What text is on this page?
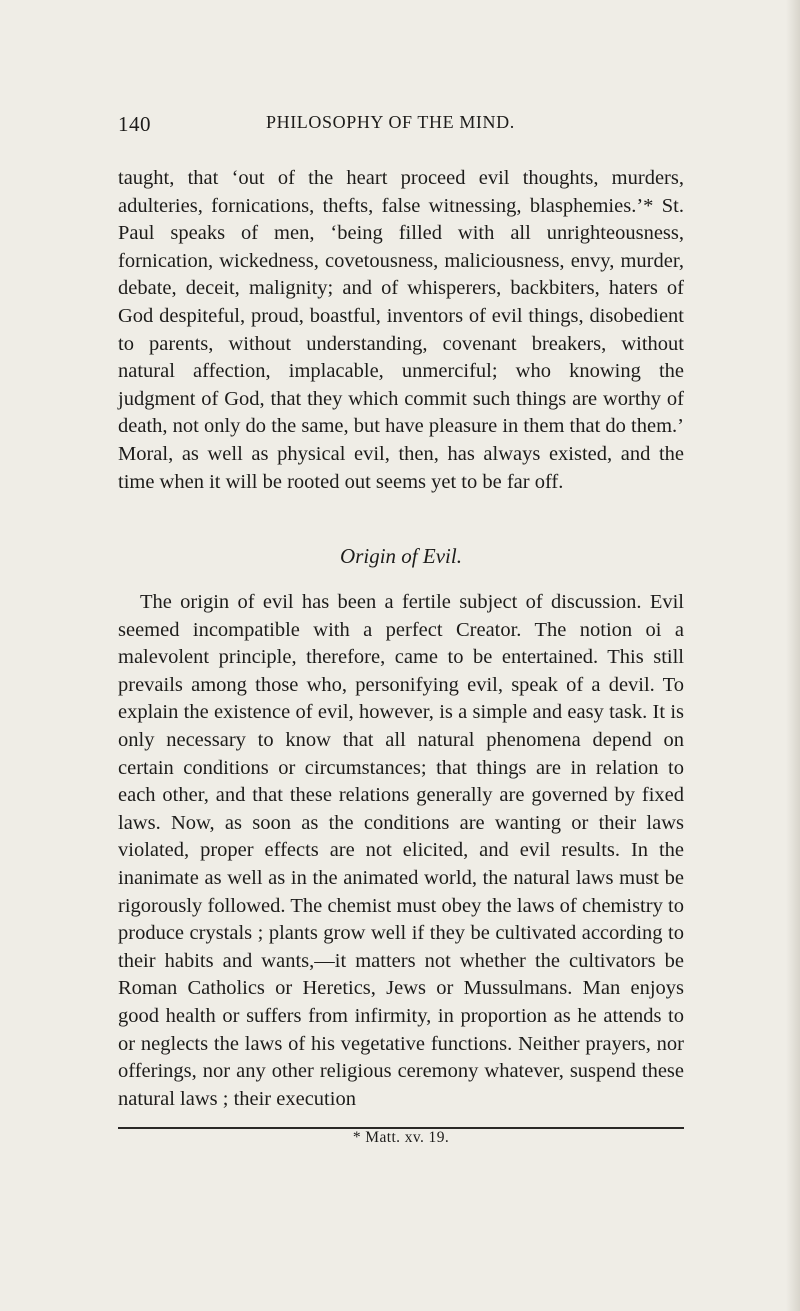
140	PHILOSOPHY OF THE MIND.

taught, that ‘out of the heart proceed evil thoughts, murders, adulteries, fornications, thefts, false witnessing, blasphemies.’* St. Paul speaks of men, ‘being filled with all unrighteousness, fornication, wickedness, covetousness, maliciousness, envy, murder, debate, deceit, malignity; and of whisperers, backbiters, haters of God despiteful, proud, boastful, inventors of evil things, disobedient to parents, without understanding, covenant breakers, without natural affection, implacable, unmerciful; who knowing the judgment of God, that they which commit such things are worthy of death, not only do the same, but have pleasure in them that do them.’ Moral, as well as physical evil, then, has always existed, and the time when it will be rooted out seems yet to be far off.

Origin of Evil.

The origin of evil has been a fertile subject of discussion. Evil seemed incompatible with a perfect Creator. The notion oi a malevolent principle, therefore, came to be entertained. This still prevails among those who, personifying evil, speak of a devil. To explain the existence of evil, however, is a simple and easy task. It is only necessary to know that all natural phenomena depend on certain conditions or circumstances; that things are in relation to each other, and that these relations generally are governed by fixed laws. Now, as soon as the conditions are wanting or their laws violated, proper effects are not elicited, and evil results. In the inanimate as well as in the animated world, the natural laws must be rigorously followed. The chemist must obey the laws of chemistry to produce crystals ; plants grow well if they be cultivated according to their habits and wants,—it matters not whether the cultivators be Roman Catholics or Heretics, Jews or Mussulmans. Man enjoys good health or suffers from infirmity, in proportion as he attends to or neglects the laws of his vegetative functions. Neither prayers, nor offerings, nor any other religious ceremony whatever, suspend these natural laws ; their execution

* Matt. xv. 19.
